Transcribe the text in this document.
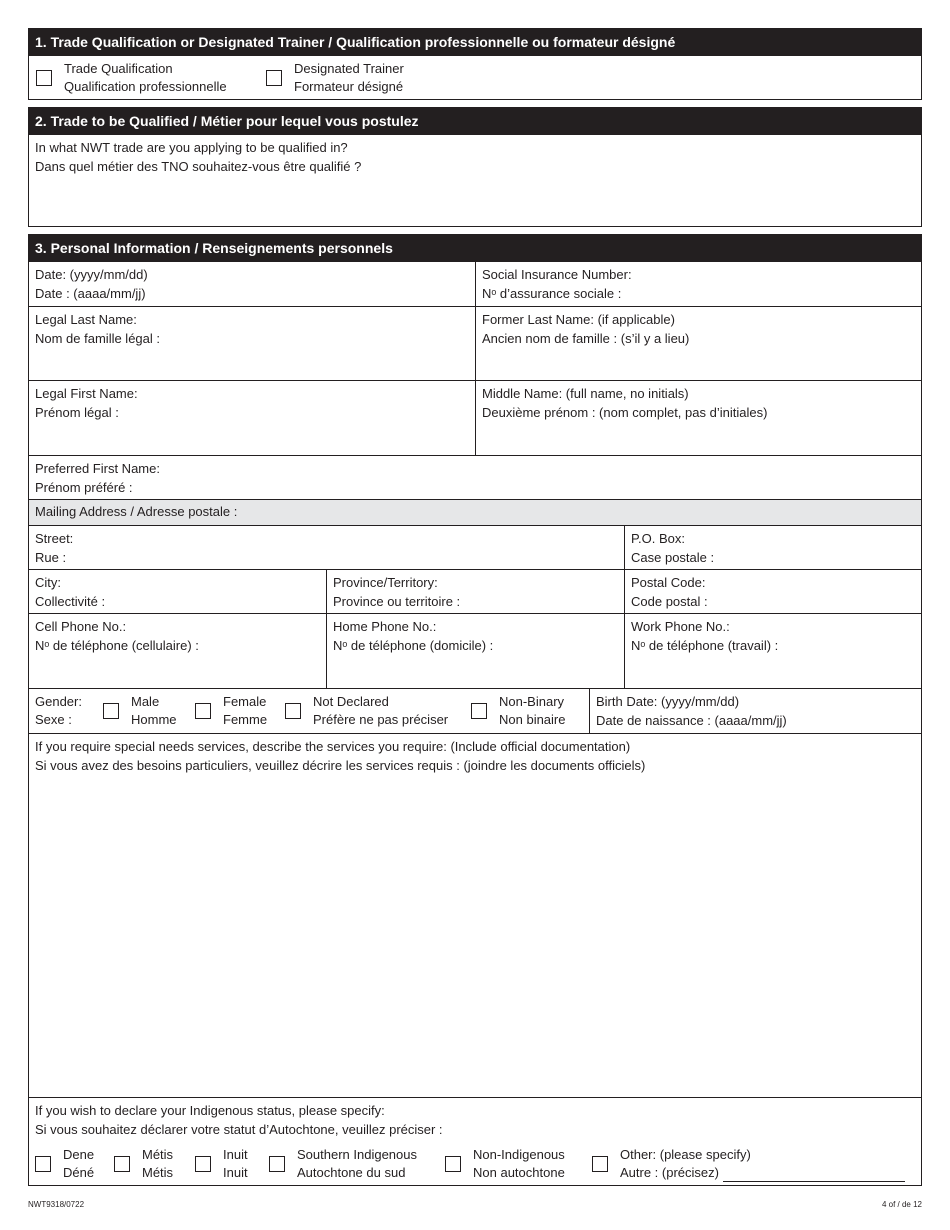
1. Trade Qualification or Designated Trainer / Qualification professionnelle ou formateur désigné
Trade Qualification
Qualification professionnelle
Designated Trainer
Formateur désigné
2. Trade to be Qualified / Métier pour lequel vous postulez
In what NWT trade are you applying to be qualified in?
Dans quel métier des TNO souhaitez-vous être qualifié ?
3. Personal Information / Renseignements personnels
Date: (yyyy/mm/dd)
Date : (aaaa/mm/jj)
Social Insurance Number:
Nᵒ d’assurance sociale :
Legal Last Name:
Nom de famille légal :
Former Last Name: (if applicable)
Ancien nom de famille : (s’il y a lieu)
Legal First Name:
Prénom légal :
Middle Name: (full name, no initials)
Deuxième prénom : (nom complet, pas d’initiales)
Preferred First Name:
Prénom préféré :
Mailing Address / Adresse postale :
Street:
Rue :
P.O. Box:
Case postale :
City:
Collectivité :
Province/Territory:
Province ou territoire :
Postal Code:
Code postal :
Cell Phone No.:
Nᵒ de téléphone (cellulaire) :
Home Phone No.:
Nᵒ de téléphone (domicile) :
Work Phone No.:
Nᵒ de téléphone (travail) :
Gender:
Sexe :
Male
Homme
Female
Femme
Not Declared
Préfère ne pas préciser
Non-Binary
Non binaire
Birth Date: (yyyy/mm/dd)
Date de naissance : (aaaa/mm/jj)
If you require special needs services, describe the services you require: (Include official documentation)
Si vous avez des besoins particuliers, veuillez décrire les services requis : (joindre les documents officiels)
If you wish to declare your Indigenous status, please specify:
Si vous souhaitez déclarer votre statut d’Autochtone, veuillez préciser :
Dene
Déné
Métis
Métis
Inuit
Inuit
Southern Indigenous
Autochtone du sud
Non-Indigenous
Non autochtone
Other: (please specify)
Autre : (précisez)
NWT9318/0722	4 of / de 12
